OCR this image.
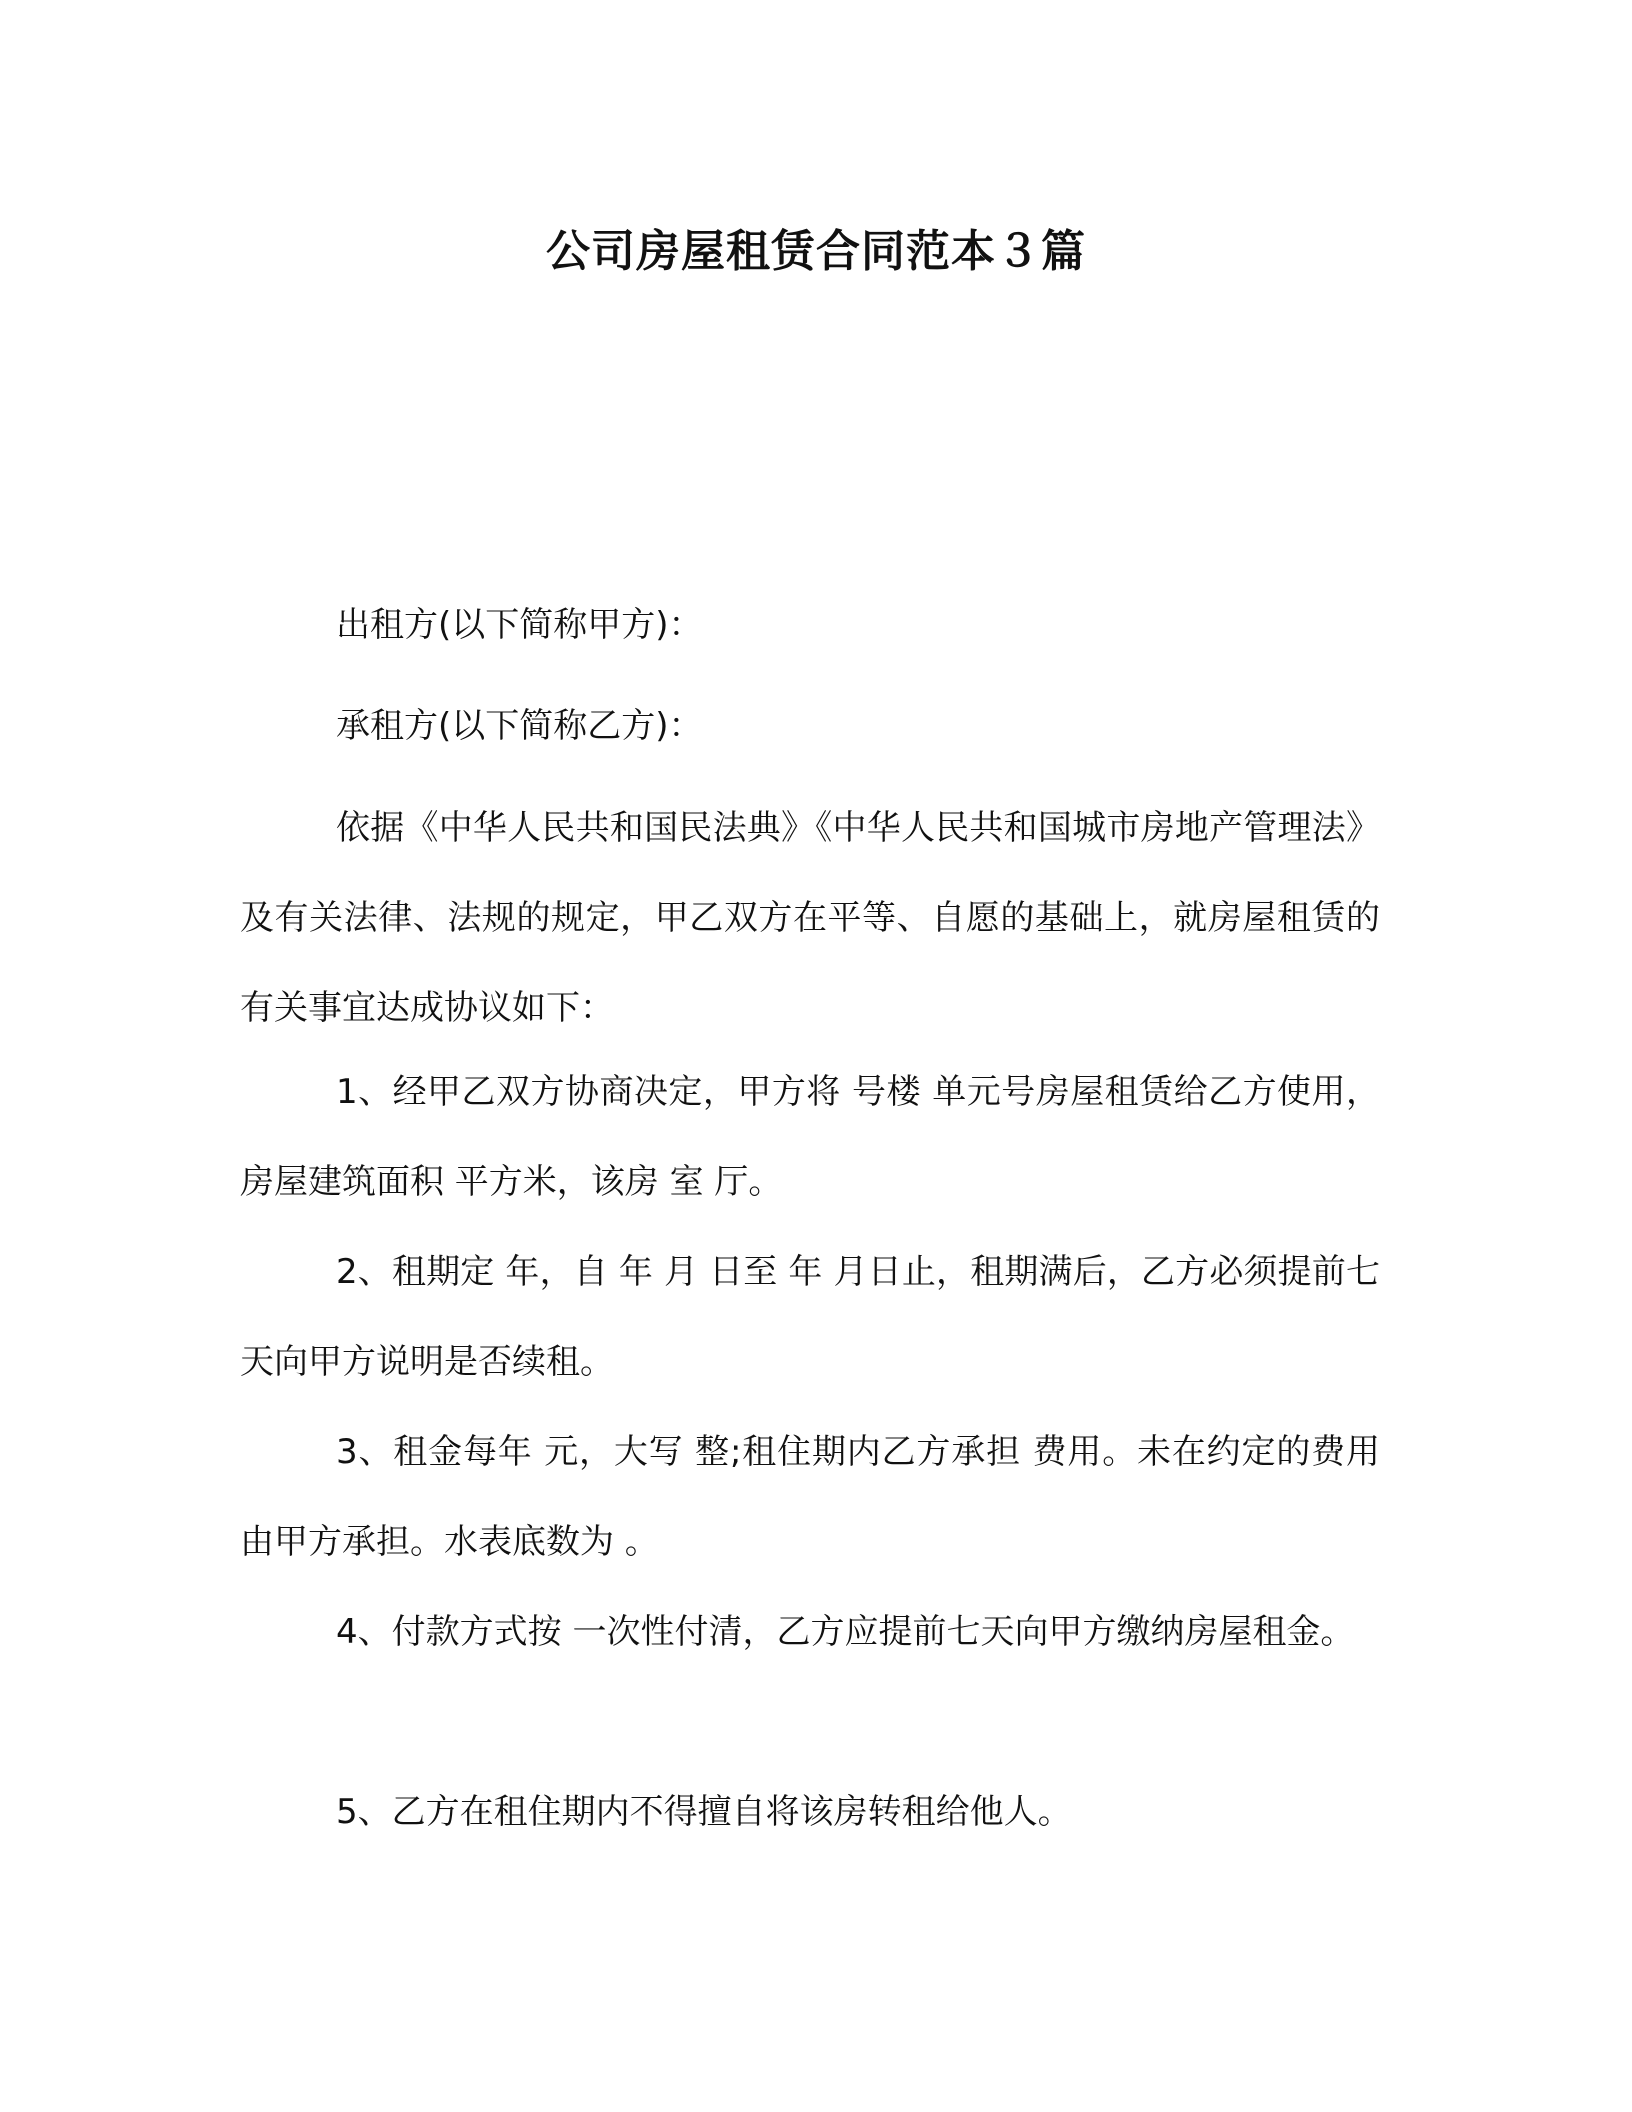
公司房屋租赁合同范本３篇

出租方(以下简称甲方)：

承租方(以下简称乙方)：

依据《中华人民共和国民法典》《中华人民共和国城市房地产管理法》及有关法律、法规的规定，甲乙双方在平等、自愿的基础上，就房屋租赁的有关事宜达成协议如下：

1、经甲乙双方协商决定，甲方将 号楼 单元号房屋租赁给乙方使用，房屋建筑面积 平方米，该房 室 厅。

2、租期定 年，自 年 月 日至 年 月日止，租期满后，乙方必须提前七天向甲方说明是否续租。

3、租金每年 元，大写 整;租住期内乙方承担 费用。未在约定的费用由甲方承担。水表底数为 。

4、付款方式按 一次性付清，乙方应提前七天向甲方缴纳房屋租金。

5、乙方在租住期内不得擅自将该房转租给他人。
